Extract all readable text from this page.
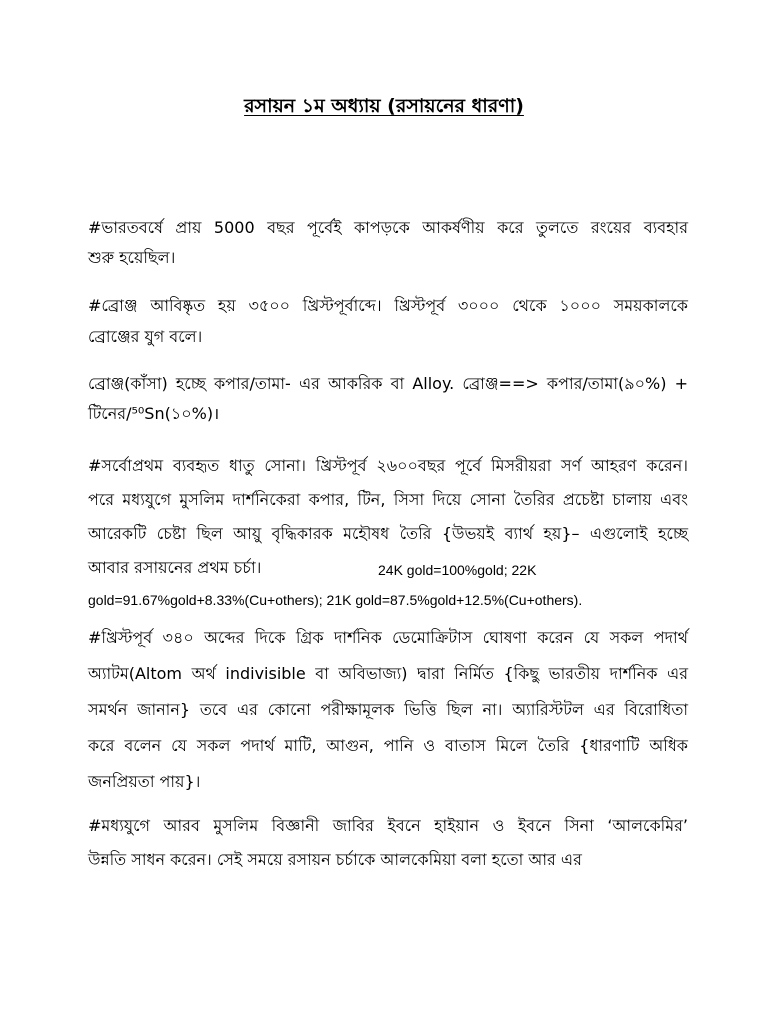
রসায়ন ১ম অধ্যায় (রসায়নের ধারণা)
#ভারতবর্ষে প্রায় 5000 বছর পূর্বেই কাপড়কে আকর্ষণীয় করে তুলতে রংয়ের ব্যবহার
শুরু হয়েছিল।
#ব্রোঞ্জ আবিষ্কৃত হয় ৩৫০০ খ্রিস্টপূর্বাব্দে। খ্রিস্টপূর্ব ৩০০০ থেকে ১০০০ সময়কালকে
ব্রোঞ্জের যুগ বলে।
ব্রোঞ্জ(কাঁসা) হচ্ছে কপার/তামা- এর আকরিক বা Alloy. ব্রোঞ্জ==> কপার/তামা(৯০%) +
টিনের/⁵⁰Sn(১০%)।
#সর্বোপ্রথম ব্যবহৃত ধাতু সোনা। খ্রিস্টপূর্ব ২৬০০বছর পূর্বে মিসরীয়রা সর্ণ আহরণ করেন।
পরে মধ্যযুগে মুসলিম দার্শনিকেরা কপার, টিন, সিসা দিয়ে সোনা তৈরির প্রচেষ্টা চালায় এবং
আরেকটি চেষ্টা ছিল আয়ু বৃদ্ধিকারক মহৌষধ তৈরি {উভয়ই ব্যার্থ হয়}– এগুলোই হচ্ছে
আবার রসায়নের প্রথম চর্চা।	24K gold=100%gold; 22K
gold=91.67%gold+8.33%(Cu+others); 21K gold=87.5%gold+12.5%(Cu+others).
#খ্রিস্টপূর্ব ৩৪০ অব্দের দিকে গ্রিক দার্শনিক ডেমোক্রিটাস ঘোষণা করেন যে সকল পদার্থ
অ্যাটম(Altom অর্থ indivisible বা অবিভাজ্য) দ্বারা নির্মিত {কিছু ভারতীয় দার্শনিক এর
সমর্থন জানান} তবে এর কোনো পরীক্ষামূলক ভিত্তি ছিল না। অ্যারিস্টটল এর বিরোধিতা
করে বলেন যে সকল পদার্থ মাটি, আগুন, পানি ও বাতাস মিলে তৈরি {ধারণাটি অধিক
জনপ্রিয়তা পায়}।
#মধ্যযুগে আরব মুসলিম বিজ্ঞানী জাবির ইবনে হাইয়ান ও ইবনে সিনা ‘আলকেমির’
উন্নতি সাধন করেন। সেই সময়ে রসায়ন চর্চাকে আলকেমিয়া বলা হতো আর এর
